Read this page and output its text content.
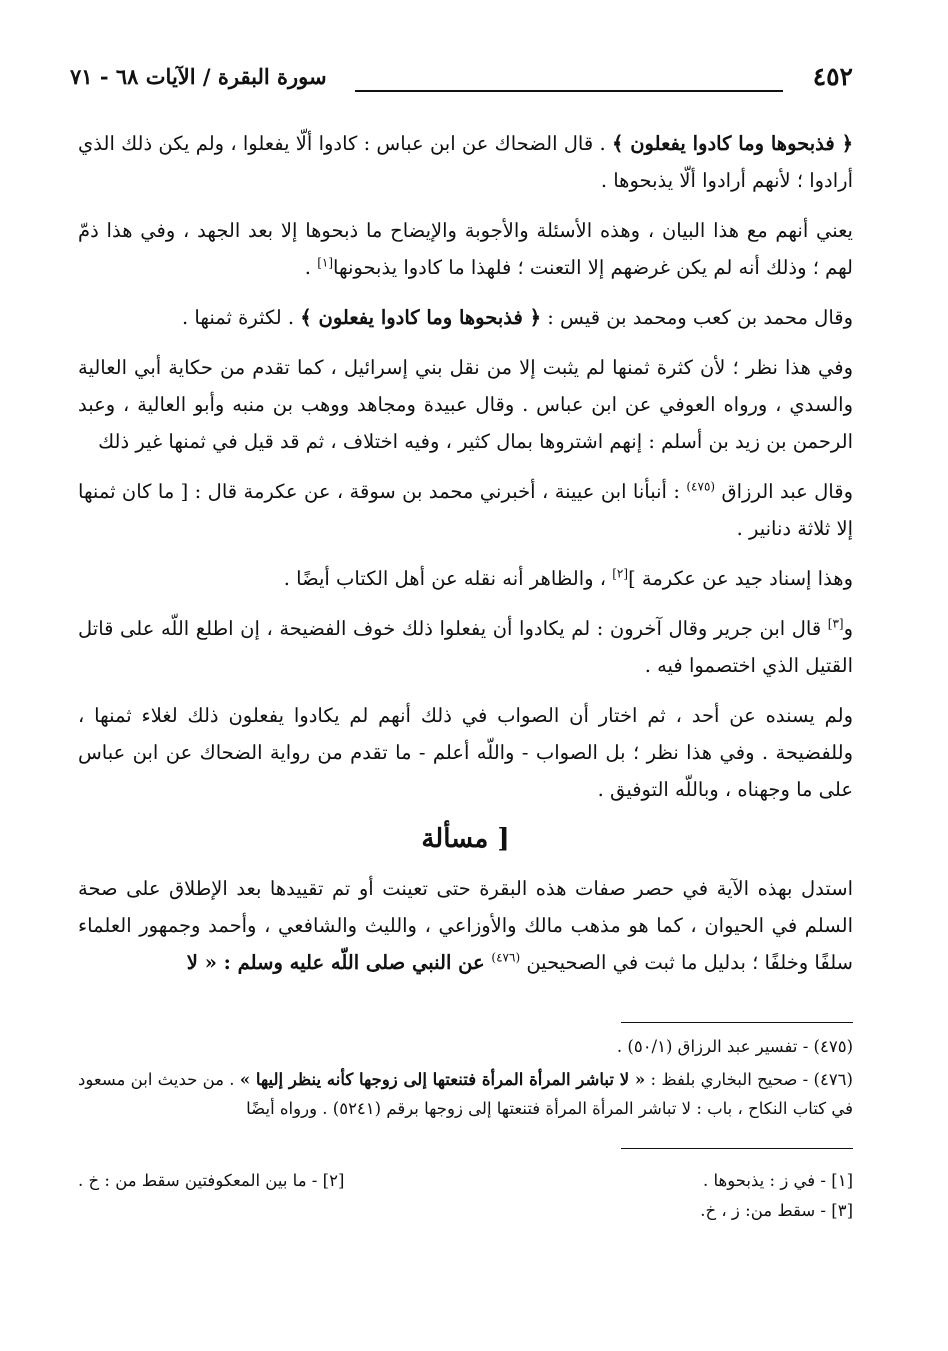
٤٥٢
سورة البقرة / الآيات ٦٨ - ٧١

﴿ فذبحوها وما كادوا يفعلون ﴾ . قال الضحاك عن ابن عباس : كادوا ألّا يفعلوا ، ولم يكن ذلك الذي أرادوا ؛ لأنهم أرادوا ألّا يذبحوها .

يعني أنهم مع هذا البيان ، وهذه الأسئلة والأجوبة والإيضاح ما ذبحوها إلا بعد الجهد ، وفي هذا ذمّ لهم ؛ وذلك أنه لم يكن غرضهم إلا التعنت ؛ فلهذا ما كادوا يذبحونها[١] .

وقال محمد بن كعب ومحمد بن قيس : ﴿ فذبحوها وما كادوا يفعلون ﴾ . لكثرة ثمنها .

وفي هذا نظر ؛ لأن كثرة ثمنها لم يثبت إلا من نقل بني إسرائيل ، كما تقدم من حكاية أبي العالية والسدي ، ورواه العوفي عن ابن عباس . وقال عبيدة ومجاهد ووهب بن منبه وأبو العالية ، وعبد الرحمن بن زيد بن أسلم : إنهم اشتروها بمال كثير ، وفيه اختلاف ، ثم قد قيل في ثمنها غير ذلك

وقال عبد الرزاق $^{(٤٧٥)}$ : أنبأنا ابن عيينة ، أخبرني محمد بن سوقة ، عن عكرمة قال : [ ما كان ثمنها إلا ثلاثة دنانير .

وهذا إسناد جيد عن عكرمة ][٢] ، والظاهر أنه نقله عن أهل الكتاب أيضًا .

و[٣] قال ابن جرير وقال آخرون : لم يكادوا أن يفعلوا ذلك خوف الفضيحة ، إن اطلع اللّه على قاتل القتيل الذي اختصموا فيه .

ولم يسنده عن أحد ، ثم اختار أن الصواب في ذلك أنهم لم يكادوا يفعلون ذلك لغلاء ثمنها ، وللفضيحة . وفي هذا نظر ؛ بل الصواب - واللّه أعلم - ما تقدم من رواية الضحاك عن ابن عباس على ما وجهناه ، وباللّه التوفيق .

[ مسألة

استدل بهذه الآية في حصر صفات هذه البقرة حتى تعينت أو تم تقييدها بعد الإطلاق على صحة السلم في الحيوان ، كما هو مذهب مالك والأوزاعي ، والليث والشافعي ، وأحمد وجمهور العلماء سلفًا وخلفًا ؛ بدليل ما ثبت في الصحيحين $^{(٤٧٦)}$ عن النبي صلى اللّه عليه وسلم : « لا

(٤٧٥) - تفسير عبد الرزاق (٥٠/١) .

(٤٧٦) - صحيح البخاري بلفظ : « لا تباشر المرأة المرأة فتنعتها إلى زوجها كأنه ينظر إليها » . من حديث ابن مسعود في كتاب النكاح ، باب : لا تباشر المرأة المرأة فتنعتها إلى زوجها برقم (٥٢٤١) . ورواه أيضًا

[١] - في ز : يذبحوها .
[٢] - ما بين المعكوفتين سقط من : خ .
[٣] - سقط من: ز ، خ.
